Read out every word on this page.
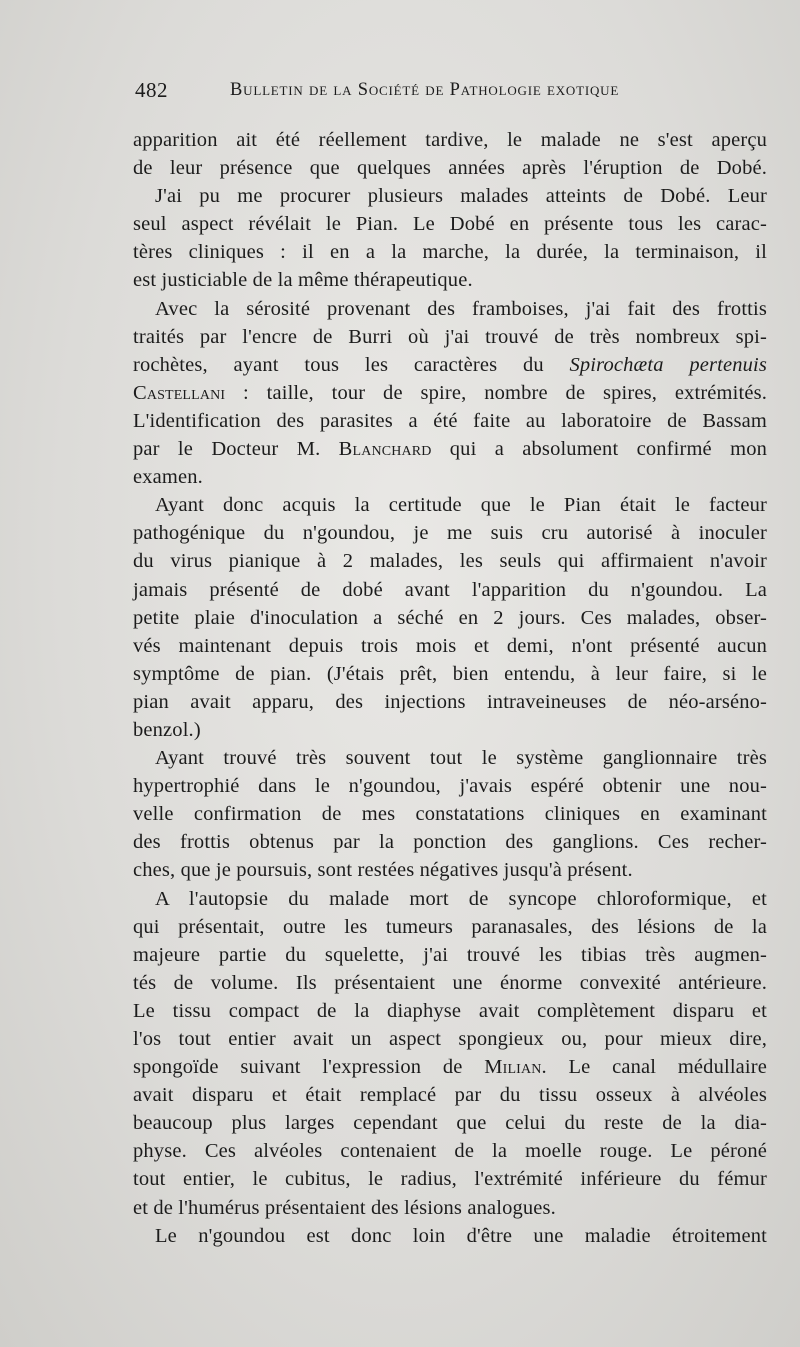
482	Bulletin de la Société de Pathologie exotique
apparition ait été réellement tardive, le malade ne s'est aperçu
de leur présence que quelques années après l'éruption de Dobé.
J'ai pu me procurer plusieurs malades atteints de Dobé. Leur
seul aspect révélait le Pian. Le Dobé en présente tous les carac-
tères cliniques : il en a la marche, la durée, la terminaison, il
est justiciable de la même thérapeutique.
Avec la sérosité provenant des framboises, j'ai fait des frottis
traités par l'encre de Burri où j'ai trouvé de très nombreux spi-
rochètes, ayant tous les caractères du Spirochæta pertenuis
Castellani : taille, tour de spire, nombre de spires, extrémités.
L'identification des parasites a été faite au laboratoire de Bassam
par le Docteur M. Blanchard qui a absolument confirmé mon
examen.
Ayant donc acquis la certitude que le Pian était le facteur
pathogénique du n'goundou, je me suis cru autorisé à inoculer
du virus pianique à 2 malades, les seuls qui affirmaient n'avoir
jamais présenté de dobé avant l'apparition du n'goundou. La
petite plaie d'inoculation a séché en 2 jours. Ces malades, obser-
vés maintenant depuis trois mois et demi, n'ont présenté aucun
symptôme de pian. (J'étais prêt, bien entendu, à leur faire, si le
pian avait apparu, des injections intraveineuses de néo-arséno-
benzol.)
Ayant trouvé très souvent tout le système ganglionnaire très
hypertrophié dans le n'goundou, j'avais espéré obtenir une nou-
velle confirmation de mes constatations cliniques en examinant
des frottis obtenus par la ponction des ganglions. Ces recher-
ches, que je poursuis, sont restées négatives jusqu'à présent.
A l'autopsie du malade mort de syncope chloroformique, et
qui présentait, outre les tumeurs paranasales, des lésions de la
majeure partie du squelette, j'ai trouvé les tibias très augmen-
tés de volume. Ils présentaient une énorme convexité antérieure.
Le tissu compact de la diaphyse avait complètement disparu et
l'os tout entier avait un aspect spongieux ou, pour mieux dire,
spongoïde suivant l'expression de Milian. Le canal médullaire
avait disparu et était remplacé par du tissu osseux à alvéoles
beaucoup plus larges cependant que celui du reste de la dia-
physe. Ces alvéoles contenaient de la moelle rouge. Le péroné
tout entier, le cubitus, le radius, l'extrémité inférieure du fémur
et de l'humérus présentaient des lésions analogues.
Le n'goundou est donc loin d'être une maladie étroitement
